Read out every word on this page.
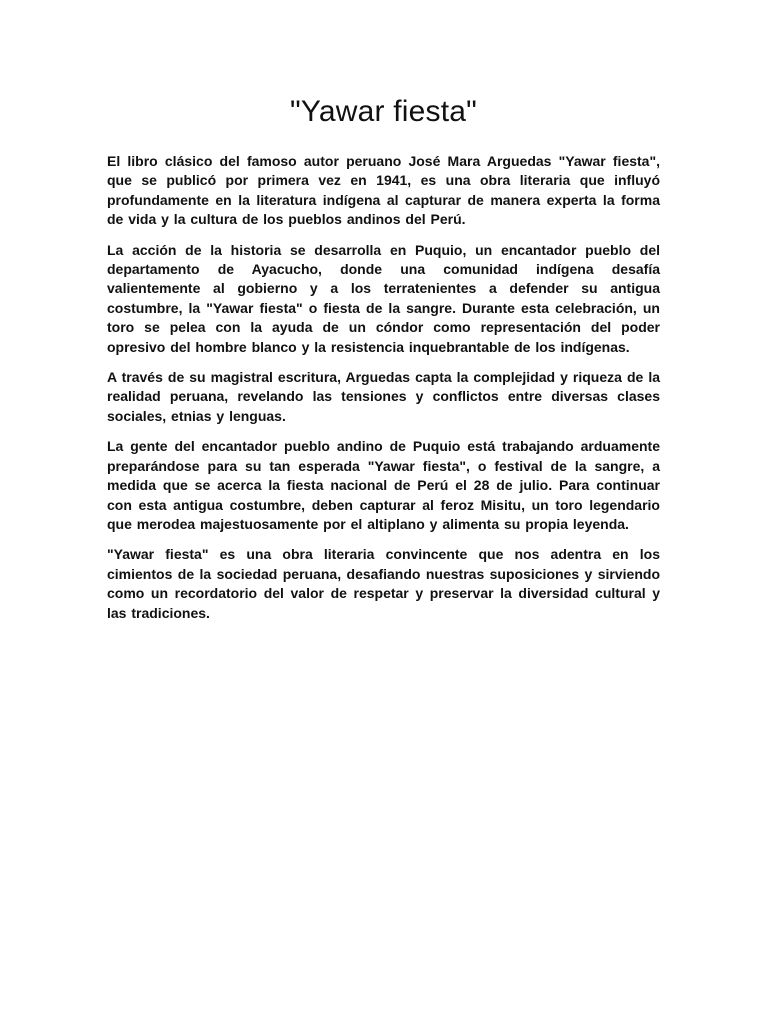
"Yawar fiesta"

El libro clásico del famoso autor peruano José Mara Arguedas "Yawar fiesta", que se publicó por primera vez en 1941, es una obra literaria que influyó profundamente en la literatura indígena al capturar de manera experta la forma de vida y la cultura de los pueblos andinos del Perú.

La acción de la historia se desarrolla en Puquio, un encantador pueblo del departamento de Ayacucho, donde una comunidad indígena desafía valientemente al gobierno y a los terratenientes a defender su antigua costumbre, la "Yawar fiesta" o fiesta de la sangre. Durante esta celebración, un toro se pelea con la ayuda de un cóndor como representación del poder opresivo del hombre blanco y la resistencia inquebrantable de los indígenas.

A través de su magistral escritura, Arguedas capta la complejidad y riqueza de la realidad peruana, revelando las tensiones y conflictos entre diversas clases sociales, etnias y lenguas.

La gente del encantador pueblo andino de Puquio está trabajando arduamente preparándose para su tan esperada "Yawar fiesta", o festival de la sangre, a medida que se acerca la fiesta nacional de Perú el 28 de julio. Para continuar con esta antigua costumbre, deben capturar al feroz Misitu, un toro legendario que merodea majestuosamente por el altiplano y alimenta su propia leyenda.

"Yawar fiesta" es una obra literaria convincente que nos adentra en los cimientos de la sociedad peruana, desafiando nuestras suposiciones y sirviendo como un recordatorio del valor de respetar y preservar la diversidad cultural y las tradiciones.
